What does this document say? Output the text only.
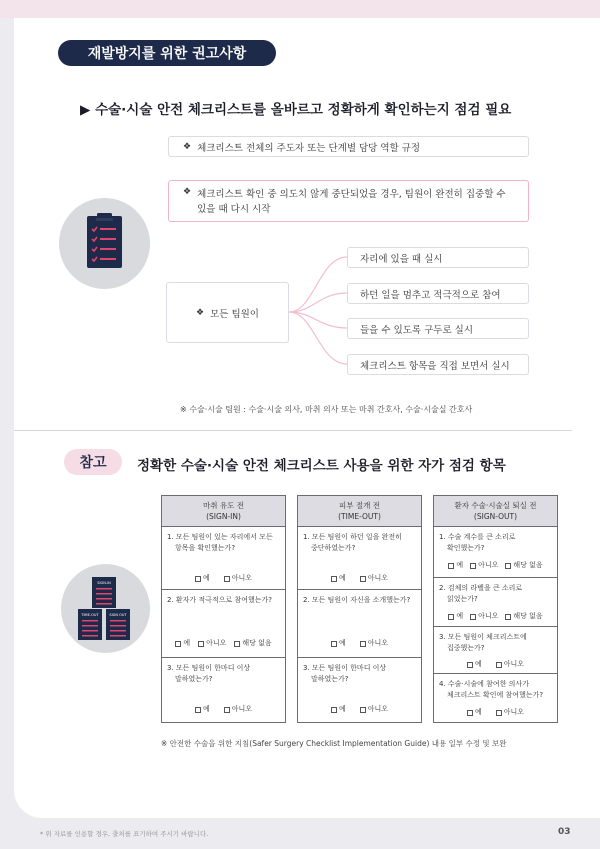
재발방지를 위한 권고사항
▶ 수술·시술 안전 체크리스트를 올바르고 정확하게 확인하는지 점검 필요
❖ 체크리스트 전체의 주도자 또는 단계별 담당 역할 규정
❖ 체크리스트 확인 중 의도치 않게 중단되었을 경우, 팀원이 완전히 집중할 수
있을 때 다시 시작
❖ 모든 팀원이
자리에 있을 때 실시
하던 일을 멈추고 적극적으로 참여
들을 수 있도록 구두로 실시
체크리스트 항목을 직접 보면서 실시
※ 수술·시술 팀원 : 수술·시술 의사, 마취 의사 또는 마취 간호사, 수술·시술실 간호사
참고	정확한 수술·시술 안전 체크리스트 사용을 위한 자가 점검 항목
SIGN-IN
TIME-OUT	SIGN OUT
마취 유도 전
(SIGN-IN)
1. 모든 팀원이 있는 자리에서 모든
항목을 확인했는가?
예	아니오
2. 환자가 적극적으로 참여했는가?
예 아니오 해당 없음
3. 모든 팀원이 한마디 이상
말하였는가?
예	아니오
피부 절개 전
(TIME-OUT)
1. 모든 팀원이 하던 일을 완전히
중단하였는가?
예	아니오
2. 모든 팀원이 자신을 소개했는가?
예	아니오
3. 모든 팀원이 한마디 이상
말하였는가?
예	아니오
환자 수술·시술실 퇴실 전
(SIGN-OUT)
1. 수술 계수를 큰 소리로
확인했는가?
예 아니오 해당 없음
2. 검체의 라벨을 큰 소리로
읽었는가?
예 아니오 해당 없음
3. 모든 팀원이 체크리스트에
집중했는가?
예	아니오
4. 수술·시술에 참여한 의사가
체크리스트 확인에 참여했는가?
예	아니오
※ 안전한 수술을 위한 지침(Safer Surgery Checklist Implementation Guide) 내용 일부 수정 및 보완
* 위 자료를 인용할 경우, 출처를 표기하여 주시기 바랍니다.	03
